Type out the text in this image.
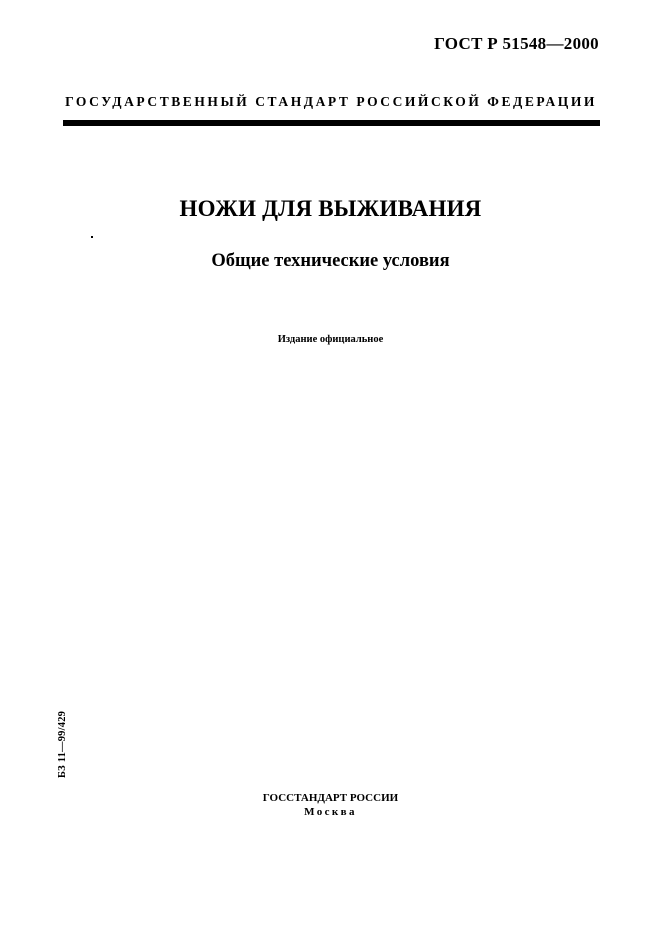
ГОСТ Р 51548—2000
ГОСУДАРСТВЕННЫЙ СТАНДАРТ РОССИЙСКОЙ ФЕДЕРАЦИИ
НОЖИ ДЛЯ ВЫЖИВАНИЯ
Общие технические условия
Издание официальное
БЗ 11—99/429
ГОССТАНДАРТ РОССИИ
Москва
